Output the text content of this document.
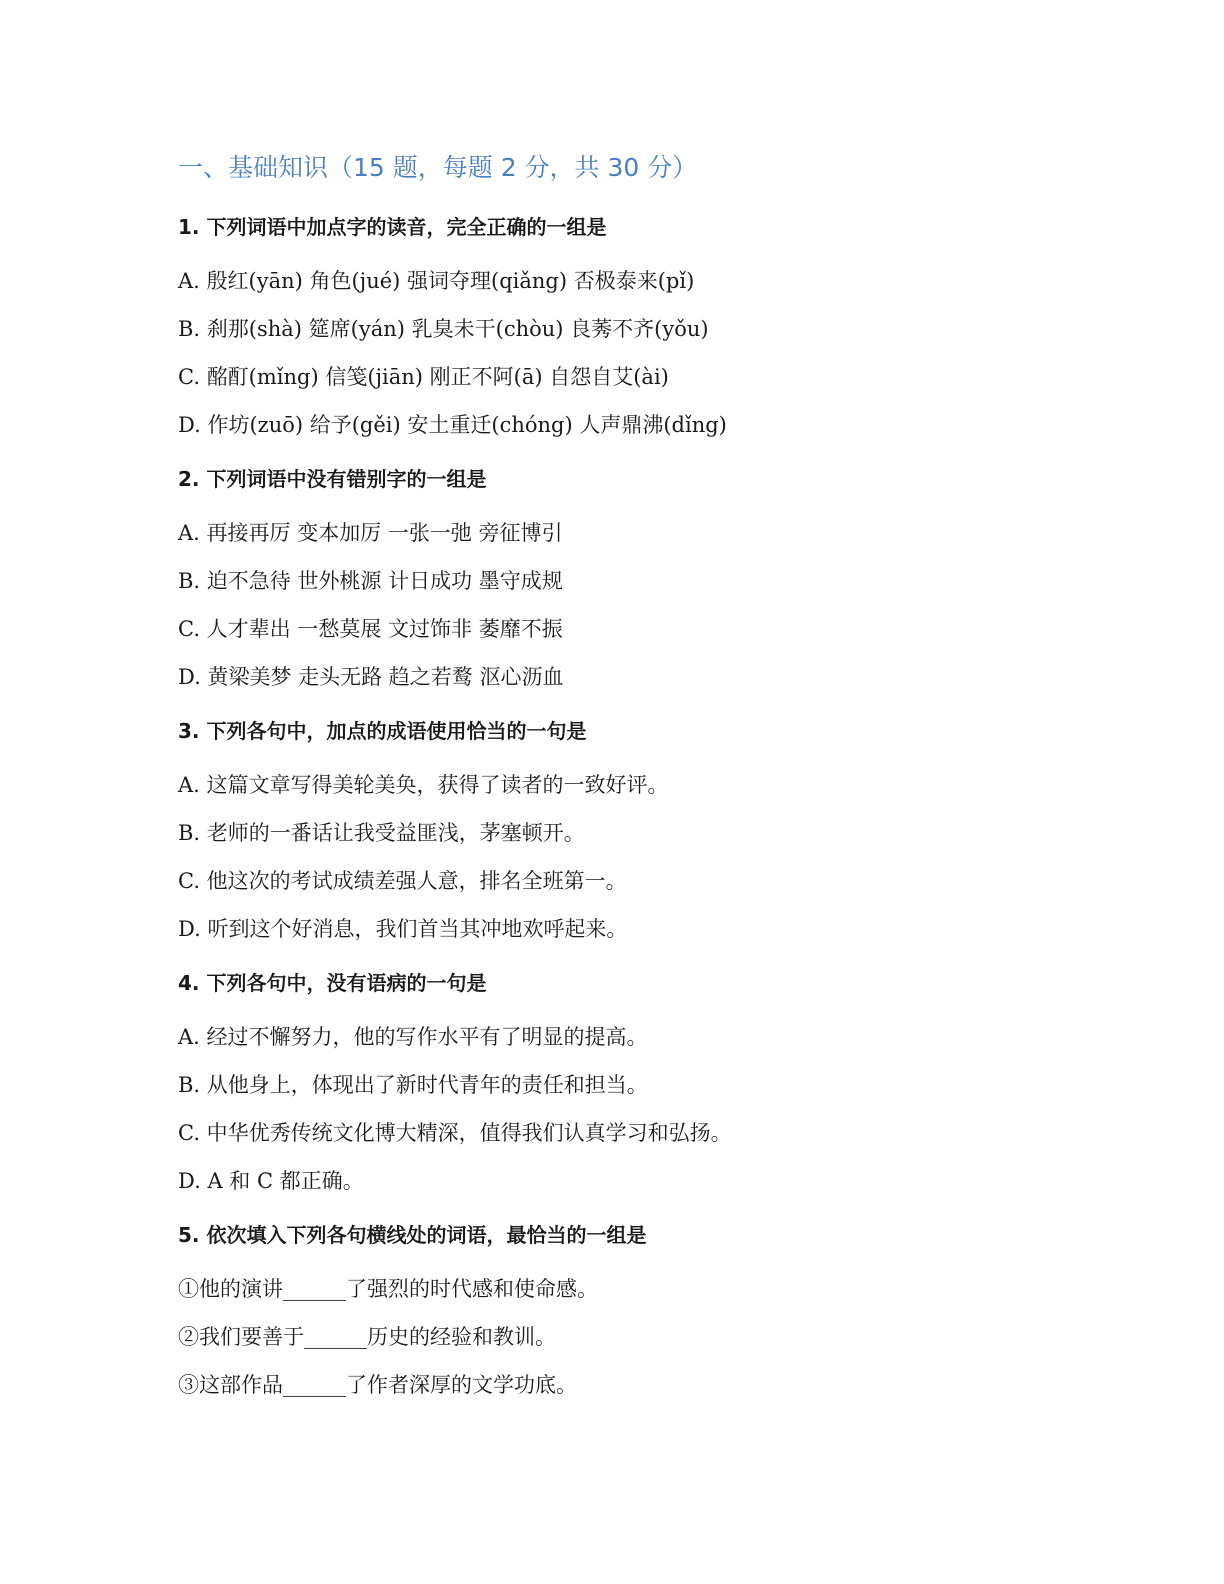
一、基础知识（15 题，每题 2 分，共 30 分）
1. 下列词语中加点字的读音，完全正确的一组是
A. 殷红(yān) 角色(jué) 强词夺理(qiǎng) 否极泰来(pǐ)
B. 刹那(shà) 筵席(yán) 乳臭未干(chòu) 良莠不齐(yǒu)
C. 酩酊(mǐng) 信笺(jiān) 刚正不阿(ā) 自怨自艾(ài)
D. 作坊(zuō) 给予(gěi) 安土重迁(chóng) 人声鼎沸(dǐng)
2. 下列词语中没有错别字的一组是
A. 再接再厉 变本加厉 一张一弛 旁征博引
B. 迫不急待 世外桃源 计日成功 墨守成规
C. 人才辈出 一愁莫展 文过饰非 萎靡不振
D. 黄梁美梦 走头无路 趋之若鹜 沤心沥血
3. 下列各句中，加点的成语使用恰当的一句是
A. 这篇文章写得美轮美奂，获得了读者的一致好评。
B. 老师的一番话让我受益匪浅，茅塞顿开。
C. 他这次的考试成绩差强人意，排名全班第一。
D. 听到这个好消息，我们首当其冲地欢呼起来。
4. 下列各句中，没有语病的一句是
A. 经过不懈努力，他的写作水平有了明显的提高。
B. 从他身上，体现出了新时代青年的责任和担当。
C. 中华优秀传统文化博大精深，值得我们认真学习和弘扬。
D. A 和 C 都正确。
5. 依次填入下列各句横线处的词语，最恰当的一组是
①他的演讲______了强烈的时代感和使命感。
②我们要善于______历史的经验和教训。
③这部作品______了作者深厚的文学功底。
